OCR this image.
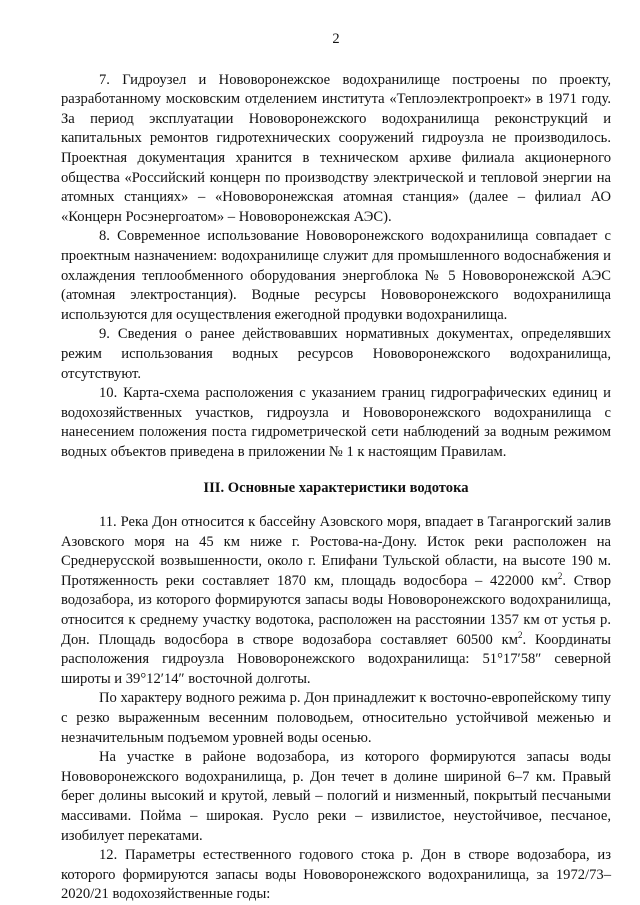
2

7. Гидроузел и Нововоронежское водохранилище построены по проекту, разработанному московским отделением института «Теплоэлектропроект» в 1971 году. За период эксплуатации Нововоронежского водохранилища реконструкций и капитальных ремонтов гидротехнических сооружений гидроузла не производилось. Проектная документация хранится в техническом архиве филиала акционерного общества «Российский концерн по производству электрической и тепловой энергии на атомных станциях» – «Нововоронежская атомная станция» (далее – филиал АО «Концерн Росэнергоатом» – Нововоронежская АЭС).

8. Современное использование Нововоронежского водохранилища совпадает с проектным назначением: водохранилище служит для промышленного водоснабжения и охлаждения теплообменного оборудования энергоблока № 5 Нововоронежской АЭС (атомная электростанция). Водные ресурсы Нововоронежского водохранилища используются для осуществления ежегодной продувки водохранилища.

9. Сведения о ранее действовавших нормативных документах, определявших режим использования водных ресурсов Нововоронежского водохранилища, отсутствуют.

10. Карта-схема расположения с указанием границ гидрографических единиц и водохозяйственных участков, гидроузла и Нововоронежского водохранилища с нанесением положения поста гидрометрической сети наблюдений за водным режимом водных объектов приведена в приложении № 1 к настоящим Правилам.

III. Основные характеристики водотока

11. Река Дон относится к бассейну Азовского моря, впадает в Таганрогский залив Азовского моря на 45 км ниже г. Ростова-на-Дону. Исток реки расположен на Среднерусской возвышенности, около г. Епифани Тульской области, на высоте 190 м. Протяженность реки составляет 1870 км, площадь водосбора – 422000 $км^2$. Створ водозабора, из которого формируются запасы воды Нововоронежского водохранилища, относится к среднему участку водотока, расположен на расстоянии 1357 км от устья р. Дон. Площадь водосбора в створе водозабора составляет 60500 $км^2$. Координаты расположения гидроузла Нововоронежского водохранилища: 51°17′58″ северной широты и 39°12′14″ восточной долготы.

По характеру водного режима р. Дон принадлежит к восточно-европейскому типу с резко выраженным весенним половодьем, относительно устойчивой меженью и незначительным подъемом уровней воды осенью.

На участке в районе водозабора, из которого формируются запасы воды Нововоронежского водохранилища, р. Дон течет в долине шириной 6–7 км. Правый берег долины высокий и крутой, левый – пологий и низменный, покрытый песчаными массивами. Пойма – широкая. Русло реки – извилистое, неустойчивое, песчаное, изобилует перекатами.

12. Параметры естественного годового стока р. Дон в створе водозабора, из которого формируются запасы воды Нововоронежского водохранилища, за 1972/73–2020/21 водохозяйственные годы:
